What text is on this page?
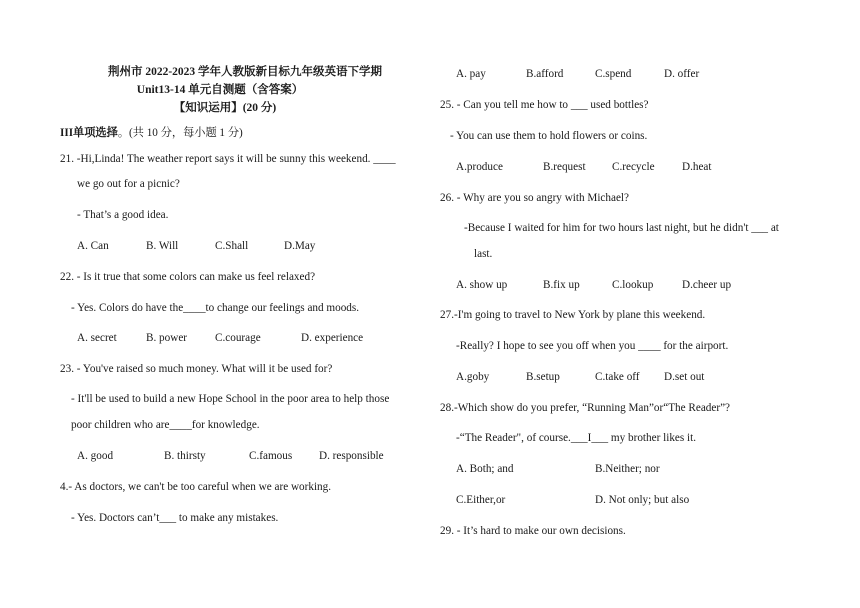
荆州市 2022-2023 学年人教版新目标九年级英语下学期
Unit13-14 单元自测题（含答案）
【知识运用】(20 分)
III单项选择。(共 10 分，每小题 1 分)
21. -Hi,Linda! The weather report says it will be sunny this weekend. ____
we go out for a picnic?
- That’s a good idea.
A. Can	B. Will	C.Shall	D.May
22. - Is it true that some colors can make us feel relaxed?
- Yes. Colors do have the____to change our feelings and moods.
A. secret	B. power C.courage	D. experience
23. - You've raised so much money. What will it be used for?
- It'll be used to build a new Hope School in the poor area to help those
poor children who are____for knowledge.
A. good	B. thirsty	C.famous D. responsible
4.- As doctors, we can't be too careful when we are working.
- Yes. Doctors can’t___ to make any mistakes.
A. pay	B.afford	C.spend	D. offer
25. - Can you tell me how to ___ used bottles?
- You can use them to hold flowers or coins.
A.produce	B.request C.recycle D.heat
26. - Why are you so angry with Michael?
-Because I waited for him for two hours last night, but he didn't ___ at
last.
A. show up	B.fix up	C.lookup	D.cheer up
27.-I'm going to travel to New York by plane this weekend.
-Really? I hope to see you off when you ____ for the airport.
A.goby	B.setup	C.take off D.set out
28.-Which show do you prefer, “Running Man”or“The Reader”?
-“The Reader", of course.___I___ my brother likes it.
A. Both; and	B.Neither; nor
C.Either,or	D. Not only; but also
29. - It’s hard to make our own decisions.
